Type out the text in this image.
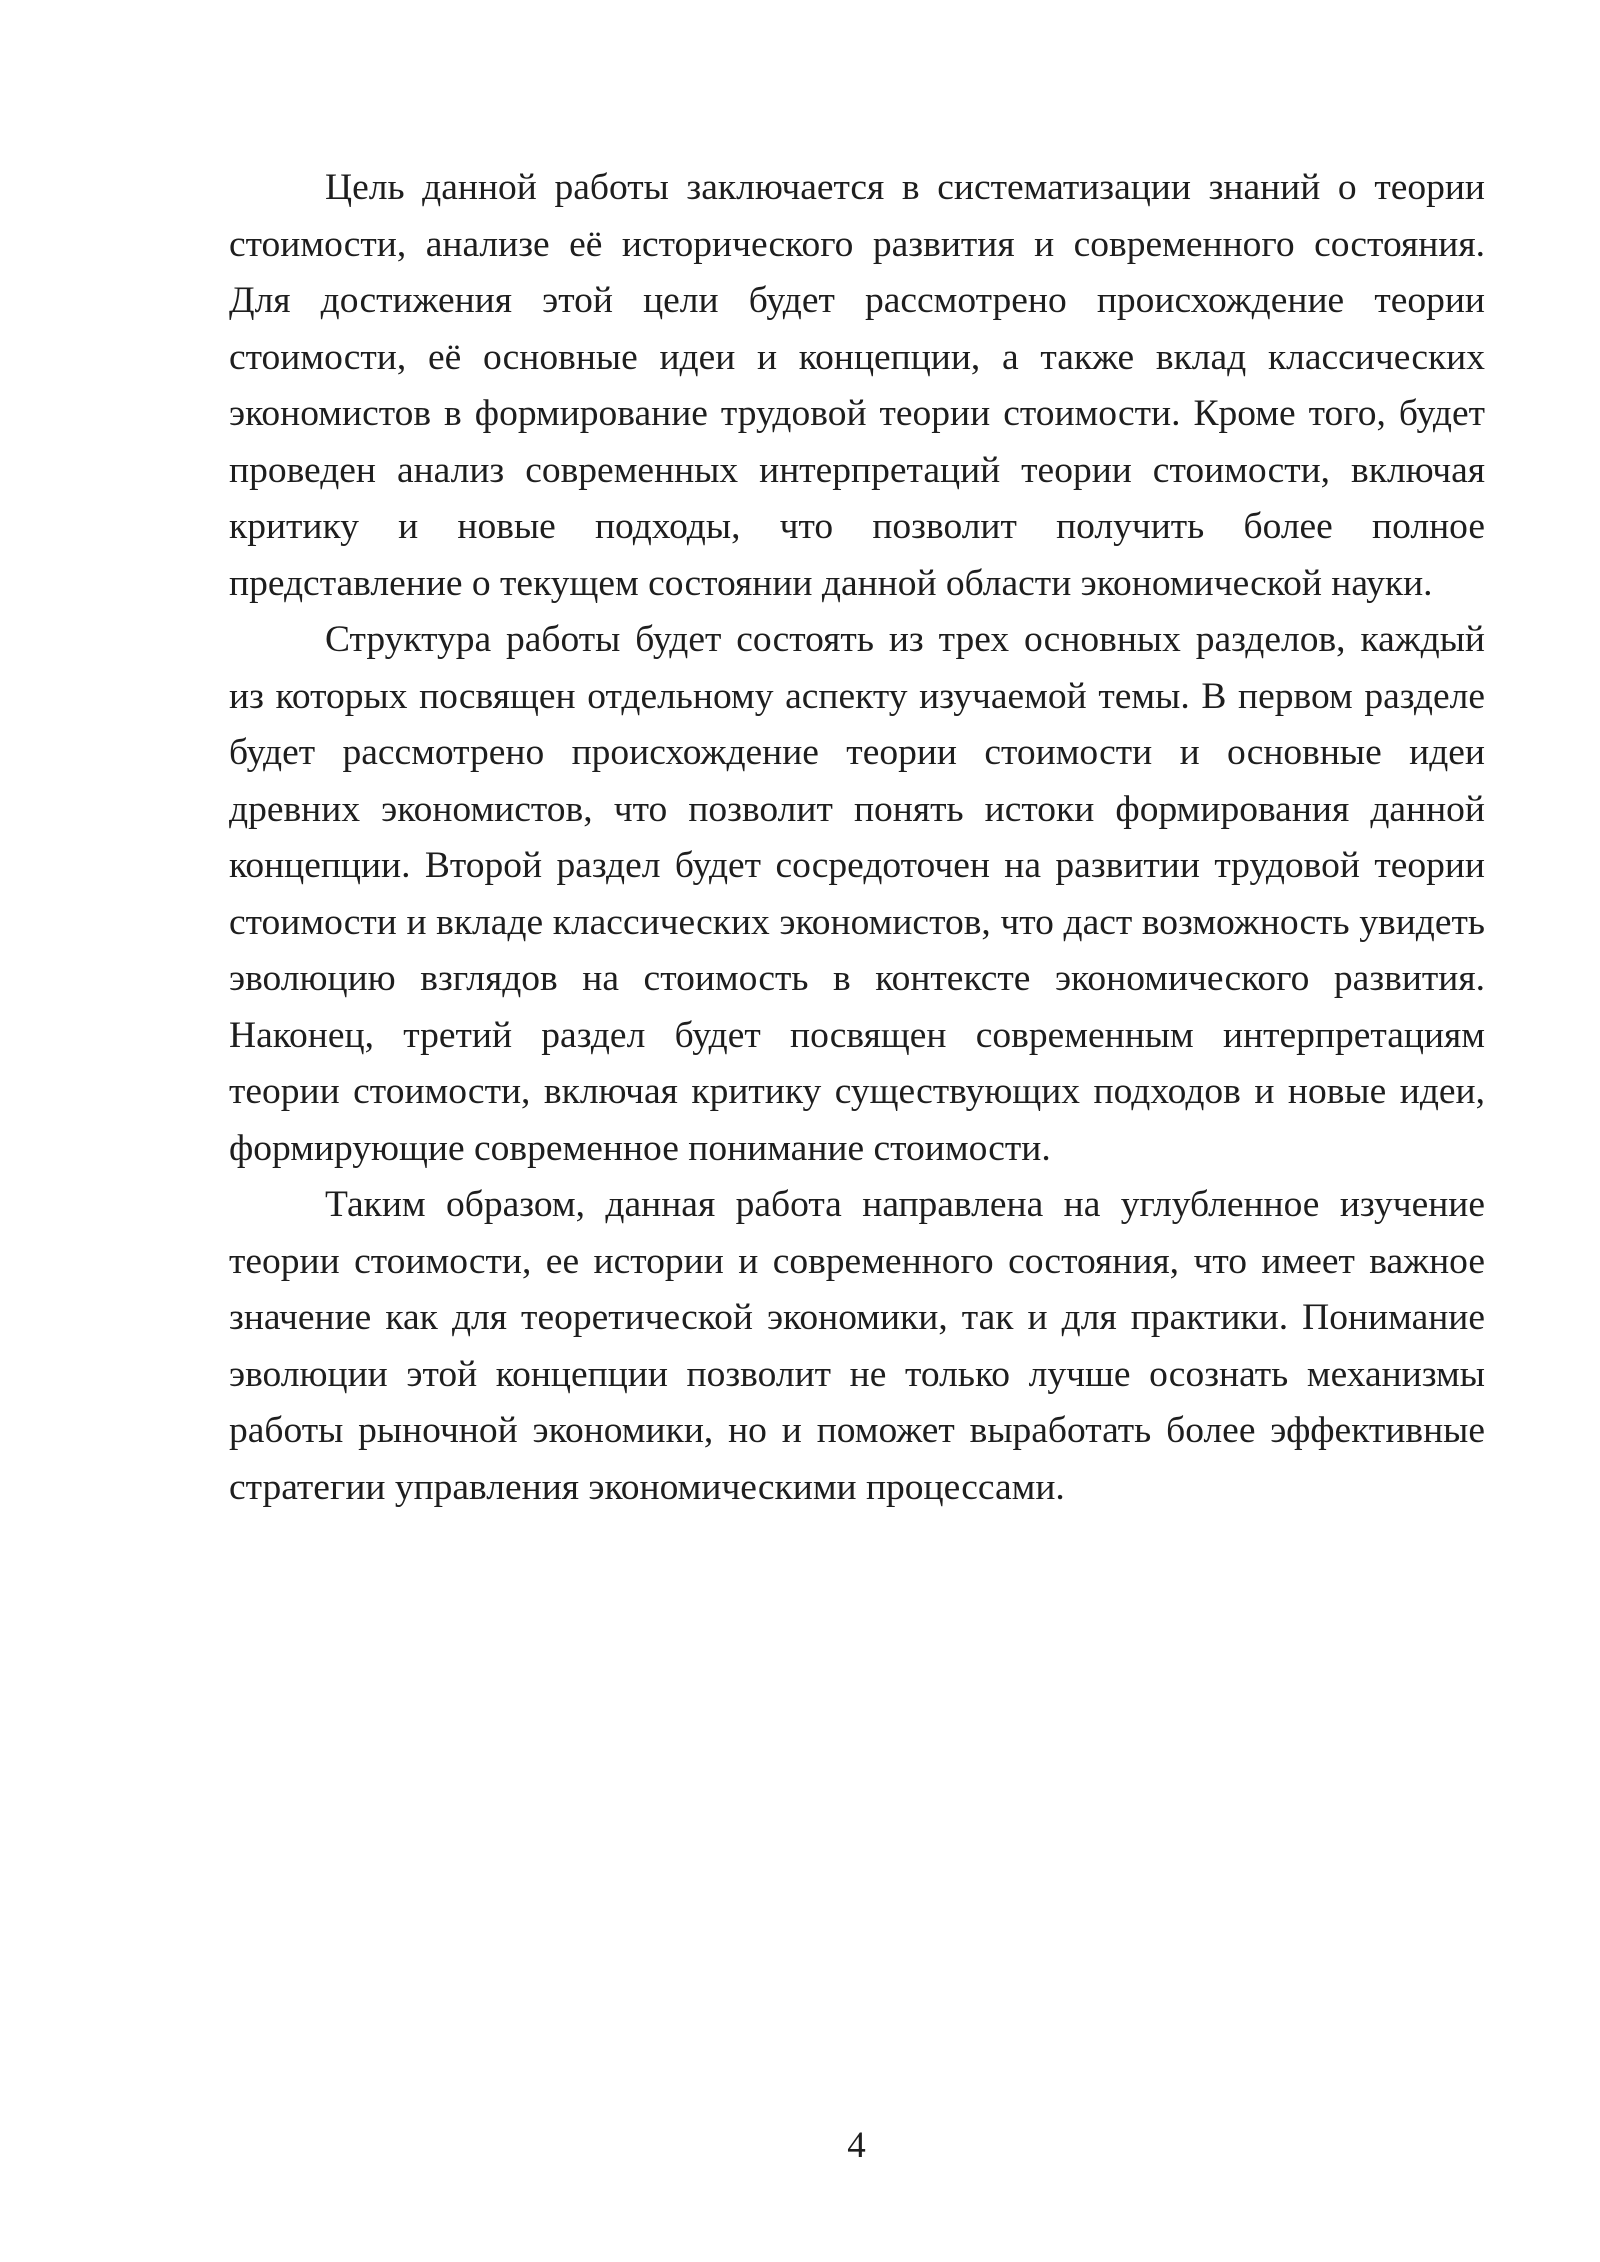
Цель данной работы заключается в систематизации знаний о теории стоимости, анализе её исторического развития и современного состояния. Для достижения этой цели будет рассмотрено происхождение теории стоимости, её основные идеи и концепции, а также вклад классических экономистов в формирование трудовой теории стоимости. Кроме того, будет проведен анализ современных интерпретаций теории стоимости, включая критику и новые подходы, что позволит получить более полное представление о текущем состоянии данной области экономической науки.

Структура работы будет состоять из трех основных разделов, каждый из которых посвящен отдельному аспекту изучаемой темы. В первом разделе будет рассмотрено происхождение теории стоимости и основные идеи древних экономистов, что позволит понять истоки формирования данной концепции. Второй раздел будет сосредоточен на развитии трудовой теории стоимости и вкладе классических экономистов, что даст возможность увидеть эволюцию взглядов на стоимость в контексте экономического развития. Наконец, третий раздел будет посвящен современным интерпретациям теории стоимости, включая критику существующих подходов и новые идеи, формирующие современное понимание стоимости.

Таким образом, данная работа направлена на углубленное изучение теории стоимости, ее истории и современного состояния, что имеет важное значение как для теоретической экономики, так и для практики. Понимание эволюции этой концепции позволит не только лучше осознать механизмы работы рыночной экономики, но и поможет выработать более эффективные стратегии управления экономическими процессами.

4
